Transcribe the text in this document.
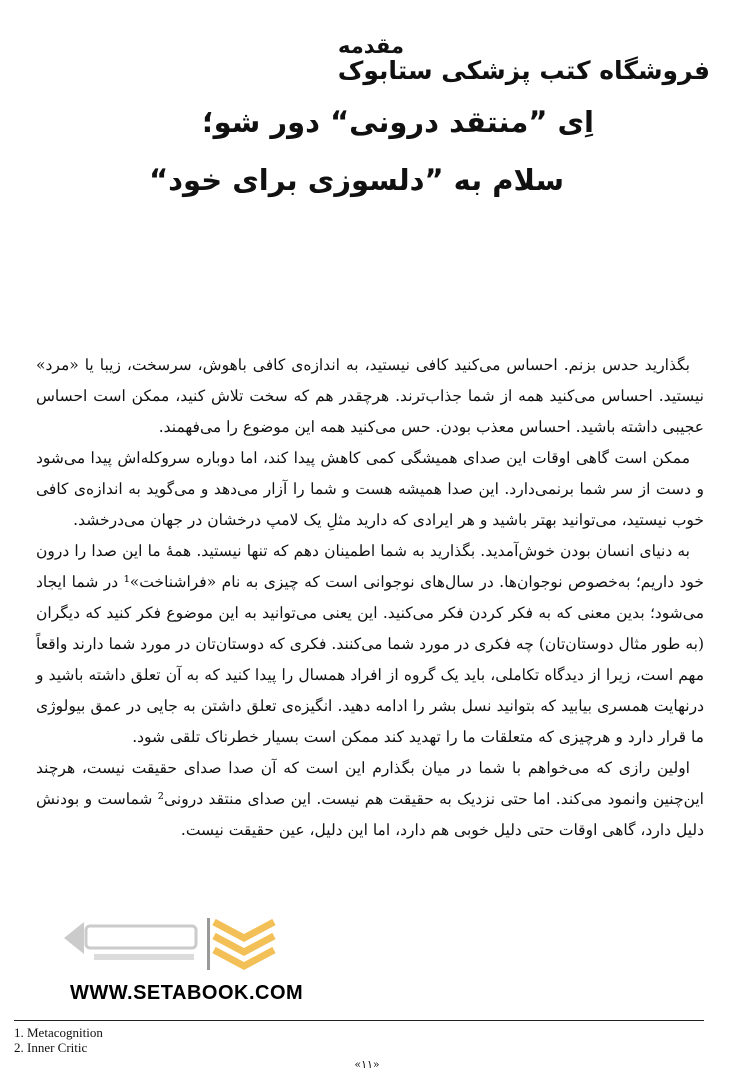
مقدمه
فروشگاه کتب پزشکی ستابوک
اِی ”منتقد درونی“ دور شو؛
سلام به ”دلسوزی برای خود“

بگذارید حدس بزنم. احساس می‌کنید کافی نیستید، به اندازه‌ی کافی باهوش، سرسخت، زیبا یا «مرد» نیستید. احساس می‌کنید همه از شما جذاب‌ترند. هرچقدر هم که سخت تلاش کنید، ممکن است احساس عجیبی داشته باشید. احساس معذب بودن. حس می‌کنید همه این موضوع را می‌فهمند.

ممکن است گاهی اوقات این صدای همیشگی کمی کاهش پیدا کند، اما دوباره سروکله‌اش پیدا می‌شود و دست از سر شما برنمی‌دارد. این صدا همیشه هست و شما را آزار می‌دهد و می‌گوید به اندازه‌ی کافی خوب نیستید، می‌توانید بهتر باشید و هر ایرادی که دارید مثلِ یک لامپ درخشان در جهان می‌درخشد.

به دنیای انسان بودن خوش‌آمدید. بگذارید به شما اطمینان دهم که تنها نیستید. همهٔ ما این صدا را درون خود داریم؛ به‌خصوص نوجوان‌ها. در سال‌های نوجوانی است که چیزی به نام «فراشناخت»¹ در شما ایجاد می‌شود؛ بدین معنی که به فکر کردن فکر می‌کنید. این یعنی می‌توانید به این موضوع فکر کنید که دیگران (به طور مثال دوستان‌تان) چه فکری در مورد شما می‌کنند. فکری که دوستان‌تان در مورد شما دارند واقعاً مهم است، زیرا از دیدگاه تکاملی، باید یک گروه از افراد همسال را پیدا کنید که به آن تعلق داشته باشید و درنهایت همسری بیابید که بتوانید نسل بشر را ادامه دهید. انگیزه‌ی تعلق داشتن به جایی در عمق بیولوژی ما قرار دارد و هرچیزی که متعلقات ما را تهدید کند ممکن است بسیار خطرناک تلقی شود.

اولین رازی که می‌خواهم با شما در میان بگذارم این است که آن صدا صدای حقیقت نیست، هرچند این‌چنین وانمود می‌کند. اما حتی نزدیک به حقیقت هم نیست. این صدای منتقد درونی² شماست و بودنش دلیل دارد، گاهی اوقات حتی دلیل خوبی هم دارد، اما این دلیل، عین حقیقت نیست.

WWW.SETABOOK.COM
1. Metacognition
2. Inner Critic
«۱۱»
